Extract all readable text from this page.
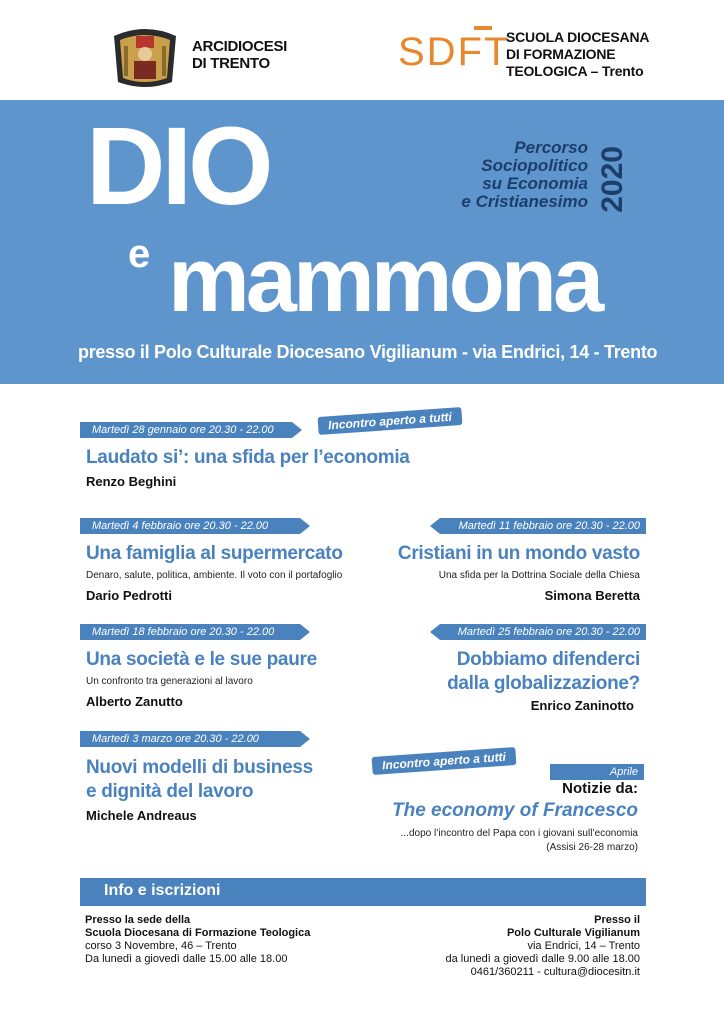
ARCIDIOCESI
DI TRENTO	SDFT
SCUOLA DIOCESANA
DI FORMAZIONE
TEOLOGICA – Trento
DIO
e mammona
Percorso
Sociopolitico
su Economia
e Cristianesimo 2020
presso il Polo Culturale Diocesano Vigilianum - via Endrici, 14 - Trento
Martedì 28 gennaio ore 20.30 - 22.00	Incontro aperto a tutti
Laudato si’: una sfida per l’economia
Renzo Beghini
Martedì 4 febbraio ore 20.30 - 22.00
Una famiglia al supermercato
Denaro, salute, politica, ambiente. Il voto con il portafoglio
Dario Pedrotti
Martedì 11 febbraio ore 20.30 - 22.00
Cristiani in un mondo vasto
Una sfida per la Dottrina Sociale della Chiesa
Simona Beretta
Martedì 18 febbraio ore 20.30 - 22.00
Una società e le sue paure
Un confronto tra generazioni al lavoro
Alberto Zanutto
Martedì 25 febbraio ore 20.30 - 22.00
Dobbiamo difenderci
dalla globalizzazione?
Enrico Zaninotto
Martedì 3 marzo ore 20.30 - 22.00
Nuovi modelli di business
e dignità del lavoro
Michele Andreaus
Incontro aperto a tutti	Aprile
Notizie da:
The economy of Francesco
...dopo l’incontro del Papa con i giovani sull’economia
(Assisi 26-28 marzo)
Info e iscrizioni
Presso la sede della
Scuola Diocesana di Formazione Teologica
corso 3 Novembre, 46 – Trento
Da lunedì a giovedì dalle 15.00 alle 18.00
Presso il
Polo Culturale Vigilianum
via Endrici, 14 – Trento
da lunedì a giovedì dalle 9.00 alle 18.00
0461/360211 - cultura@diocesitn.it
